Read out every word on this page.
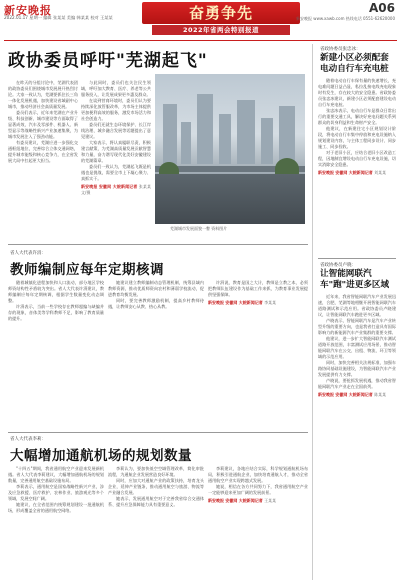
新安晚报
2022.01.17 星期一 编辑 张某某 美编 韩某某 校对 王某某	奋勇争先
2022年省两会特别报道
A06
新安晚报 www.xawb.com 热线电话 0551-62620000
政协委员呼吁"芜湖起飞"

在昨天的分组讨论中，芜湖代表团的政协委员们围绕城市发展展开热烈讨论。大家一致认为，芜湖要抓住长三角一体化发展机遇，加快建设省域副中心城市，推动经济社会高质量发展。

委员们表示，近年来芜湖在产业升级、科技创新、城市建设等方面取得了显著成效，汽车及零部件、机器人、新型显示等战略性新兴产业加速集聚，为城市发展注入了强劲动能。

有委员建议，芜湖应进一步强化交通枢纽地位，完善综合立体交通网络，提升城市能级和核心竞争力，在全省发展大局中扛起更大担当。

与此同时，委员们也关注民生领域，呼吁加大教育、医疗、养老等公共服务投入，让发展成果更多惠及群众。

在谈到营商环境时，委员们认为要持续深化放管服改革，为市场主体提供更加便利高效的服务，激发市场活力和社会创造力。

委员们还就生态环境保护、长江岸线治理、城乡融合发展等话题提出了意见建议。

大家表示，将认真履职尽责，积极建言献策，为芜湖高质量发展贡献智慧和力量，奋力谱写现代化美好安徽建设的芜湖篇章。

委员们一致认为，芜湖起飞既是机遇也是挑战，需要全市上下凝心聚力、真抓实干。

新安晚报 安徽网 大皖新闻记者 张某某 文/摄
芜湖城市发展面貌一瞥 资料图片
省人大代表许涓：
教师编制应每年定期核调

随着城镇化进程加快和人口流动，部分地区学校师资结构性矛盾较为突出。省人大代表许涓建议，教师编制应每年定期核调，根据学生数量变化动态调整。

许涓表示，当前一些学校存在教师超编与缺编并存的现象，音体美等学科教师不足，影响了教育质量的提升。

她建议建立教师编制动态管理机制，统筹县域内教师资源，推动优质师资向农村和薄弱学校流动，促进教育均衡发展。

同时，要完善教师激励机制，提高乡村教师待遇，让教师安心从教、热心从教。

许涓说，教育是国之大计，教师是立教之本，必须把教师队伍建设作为基础工作来抓，为教育事业发展提供坚强保障。

新安晚报 安徽网 大皖新闻记者 李某某
省人大代表李莉：
大幅增加通航机场的规划数量

"十四五"期间，我省通用航空产业迎来发展新机遇。省人大代表李莉建议，大幅增加通航机场的规划数量，完善通用航空基础设施布局。

李莉表示，通用航空是国家战略性新兴产业，涉及应急救援、医疗救护、农林作业、旅游观光等多个领域，发展空间广阔。

她建议，在全省范围内统筹规划建设一批通航机场，形成覆盖全省的通用航空网络。

李莉认为，要加快低空空域管理改革，简化审批流程，为通航企业发展营造良好环境。

同时，应加大对通航产业的政策扶持，培育龙头企业，延伸产业链条，推动通用航空与旅游、物流等产业融合发展。

她表示，发展通用航空对于完善我省综合交通体系、提升应急保障能力具有重要意义。

李莉建议，各地应结合实际，科学规划通航机场布局，积极引进通航企业，加快培育通航人才，推动全省通用航空产业实现跨越式发展。

她说，相信在各方共同努力下，我省通用航空产业一定能够迎来更加广阔的发展前景。

新安晚报 安徽网 大皖新闻记者 王某某
省政协委员张忠冰：
新建小区必须配套电动自行车充电桩

随着电动自行车保有量的快速增长，充电难问题日益凸显，私拉乱接电线充电现象时有发生，存在较大的安全隐患。省政协委员张忠冰建议，新建小区必须配套建设电动自行车充电桩。

张忠冰表示，电动自行车是群众日常出行的重要交通工具，解决好充电问题关系到群众的切身利益和生命财产安全。

他建议，在新建住宅小区规划设计阶段，将电动自行车集中停放和充电设施纳入规划建设内容，与主体工程同步设计、同步施工、同步验收。

对于老旧小区，应结合老旧小区改造工程，因地制宜增设电动自行车充电设施，切实消除安全隐患。

新安晚报 安徽网 大皖新闻记者 刘某某
省政协委员卢晓：
让智能网联汽车"跑"进更多区域

近年来，我省智能网联汽车产业发展迅速，合肥、芜湖等地相继开展智能网联汽车道路测试和示范应用。省政协委员卢晓建议，让智能网联汽车跑进更多区域。

卢晓表示，智能网联汽车是汽车产业转型升级的重要方向，也是我省打造具有国际影响力的新能源汽车产业集群的重要支撑。

他建议，进一步扩大智能网联汽车测试道路开放范围，丰富测试应用场景，推动智能网联汽车在公交、出租、物流、环卫等领域的示范应用。

同时，加快完善相关法规标准，加强车路协同基础设施建设，为智能网联汽车产业发展提供有力支撑。

卢晓说，要抢抓发展机遇，推动我省智能网联汽车产业走在全国前列。

新安晚报 安徽网 大皖新闻记者 陈某某
